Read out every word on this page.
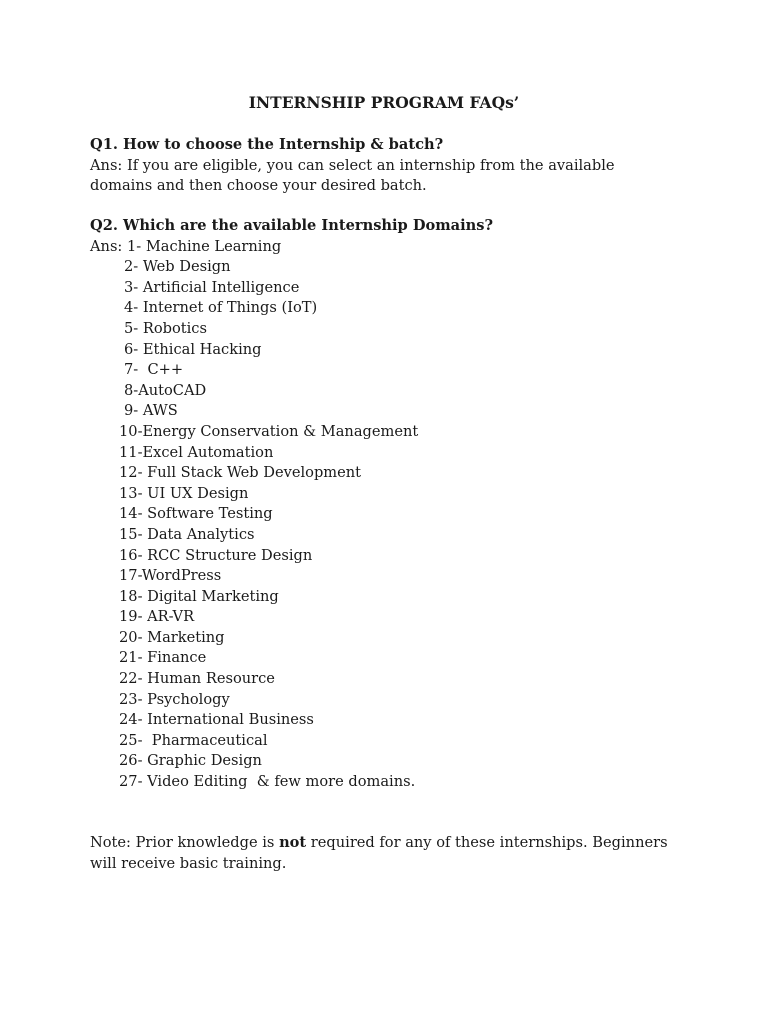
INTERNSHIP PROGRAM FAQs’

Q1. How to choose the Internship & batch?

Ans: If you are eligible, you can select an internship from the available domains and then choose your desired batch.

Q2. Which are the available Internship Domains?

Ans: 1- Machine Learning
2- Web Design
3- Artificial Intelligence
4- Internet of Things (IoT)
5- Robotics
6- Ethical Hacking
7-  C++
8-AutoCAD
9- AWS
10-Energy Conservation & Management
11-Excel Automation
12- Full Stack Web Development
13- UI UX Design
14- Software Testing
15- Data Analytics
16- RCC Structure Design
17-WordPress
18- Digital Marketing
19- AR-VR
20- Marketing
21- Finance
22- Human Resource
23- Psychology
24- International Business
25-  Pharmaceutical
26- Graphic Design
27- Video Editing  & few more domains.

Note: Prior knowledge is not required for any of these internships. Beginners will receive basic training.
